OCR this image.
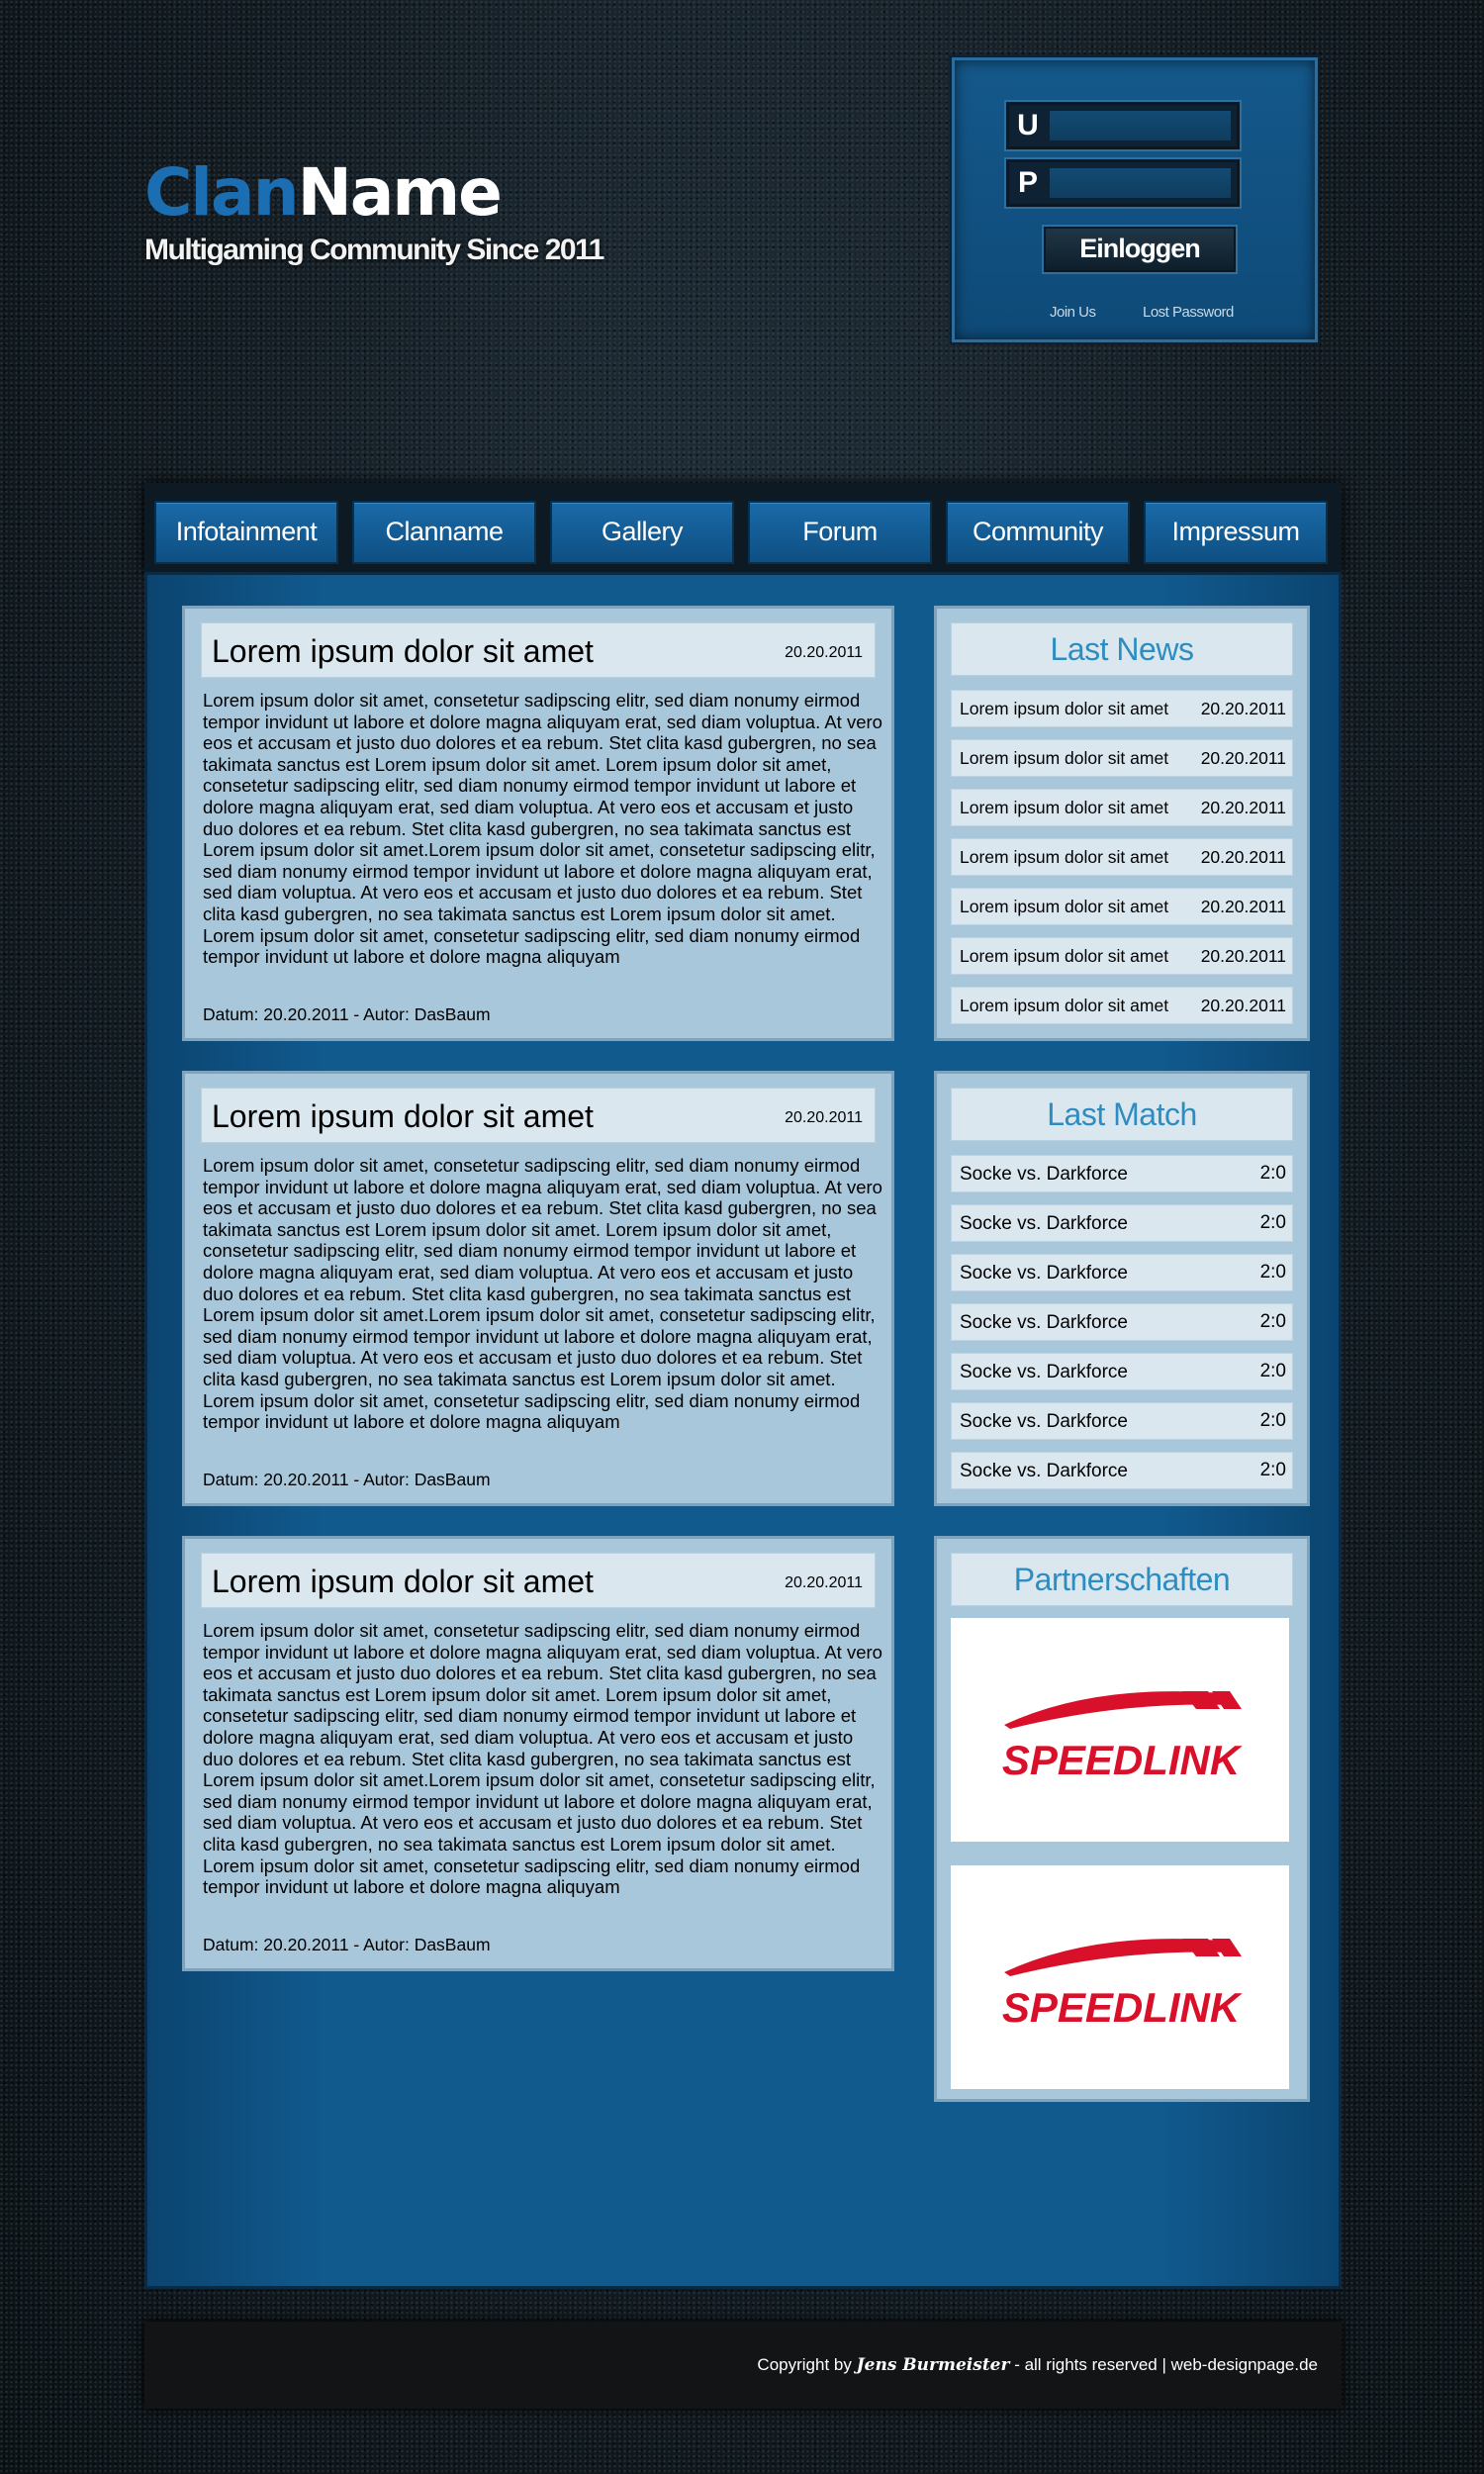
ClanName
Multigaming Community Since 2011
U
P
Einloggen
Join Us	Lost Password
Infotainment	Clanname	Gallery	Forum	Community	Impressum
Lorem ipsum dolor sit amet	20.20.2011
Lorem ipsum dolor sit amet, consetetur sadipscing elitr, sed diam nonumy eirmod tempor invidunt ut labore et dolore magna aliquyam erat, sed diam voluptua. At vero eos et accusam et justo duo dolores et ea rebum. Stet clita kasd gubergren, no sea takimata sanctus est Lorem ipsum dolor sit amet. Lorem ipsum dolor sit amet, consetetur sadipscing elitr, sed diam nonumy eirmod tempor invidunt ut labore et dolore magna aliquyam erat, sed diam voluptua. At vero eos et accusam et justo duo dolores et ea rebum. Stet clita kasd gubergren, no sea takimata sanctus est Lorem ipsum dolor sit amet.Lorem ipsum dolor sit amet, consetetur sadipscing elitr, sed diam nonumy eirmod tempor invidunt ut labore et dolore magna aliquyam erat, sed diam voluptua. At vero eos et accusam et justo duo dolores et ea rebum. Stet clita kasd gubergren, no sea takimata sanctus est Lorem ipsum dolor sit amet. Lorem ipsum dolor sit amet, consetetur sadipscing elitr, sed diam nonumy eirmod tempor invidunt ut labore et dolore magna aliquyam
Datum: 20.20.2011 - Autor: DasBaum
Lorem ipsum dolor sit amet	20.20.2011
Lorem ipsum dolor sit amet, consetetur sadipscing elitr, sed diam nonumy eirmod tempor invidunt ut labore et dolore magna aliquyam erat, sed diam voluptua. At vero eos et accusam et justo duo dolores et ea rebum. Stet clita kasd gubergren, no sea takimata sanctus est Lorem ipsum dolor sit amet. Lorem ipsum dolor sit amet, consetetur sadipscing elitr, sed diam nonumy eirmod tempor invidunt ut labore et dolore magna aliquyam erat, sed diam voluptua. At vero eos et accusam et justo duo dolores et ea rebum. Stet clita kasd gubergren, no sea takimata sanctus est Lorem ipsum dolor sit amet.Lorem ipsum dolor sit amet, consetetur sadipscing elitr, sed diam nonumy eirmod tempor invidunt ut labore et dolore magna aliquyam erat, sed diam voluptua. At vero eos et accusam et justo duo dolores et ea rebum. Stet clita kasd gubergren, no sea takimata sanctus est Lorem ipsum dolor sit amet. Lorem ipsum dolor sit amet, consetetur sadipscing elitr, sed diam nonumy eirmod tempor invidunt ut labore et dolore magna aliquyam
Datum: 20.20.2011 - Autor: DasBaum
Lorem ipsum dolor sit amet	20.20.2011
Lorem ipsum dolor sit amet, consetetur sadipscing elitr, sed diam nonumy eirmod tempor invidunt ut labore et dolore magna aliquyam erat, sed diam voluptua. At vero eos et accusam et justo duo dolores et ea rebum. Stet clita kasd gubergren, no sea takimata sanctus est Lorem ipsum dolor sit amet. Lorem ipsum dolor sit amet, consetetur sadipscing elitr, sed diam nonumy eirmod tempor invidunt ut labore et dolore magna aliquyam erat, sed diam voluptua. At vero eos et accusam et justo duo dolores et ea rebum. Stet clita kasd gubergren, no sea takimata sanctus est Lorem ipsum dolor sit amet.Lorem ipsum dolor sit amet, consetetur sadipscing elitr, sed diam nonumy eirmod tempor invidunt ut labore et dolore magna aliquyam erat, sed diam voluptua. At vero eos et accusam et justo duo dolores et ea rebum. Stet clita kasd gubergren, no sea takimata sanctus est Lorem ipsum dolor sit amet. Lorem ipsum dolor sit amet, consetetur sadipscing elitr, sed diam nonumy eirmod tempor invidunt ut labore et dolore magna aliquyam
Datum: 20.20.2011 - Autor: DasBaum
Last News
Lorem ipsum dolor sit amet 20.20.2011
Lorem ipsum dolor sit amet 20.20.2011
Lorem ipsum dolor sit amet 20.20.2011
Lorem ipsum dolor sit amet 20.20.2011
Lorem ipsum dolor sit amet 20.20.2011
Lorem ipsum dolor sit amet 20.20.2011
Lorem ipsum dolor sit amet 20.20.2011
Last Match
Socke vs. Darkforce	2:0
Socke vs. Darkforce	2:0
Socke vs. Darkforce	2:0
Socke vs. Darkforce	2:0
Socke vs. Darkforce	2:0
Socke vs. Darkforce	2:0
Socke vs. Darkforce	2:0
Partnerschaften
SPEEDLINK
SPEEDLINK
Copyright by Jens Burmeister - all rights reserved | web-designpage.de
